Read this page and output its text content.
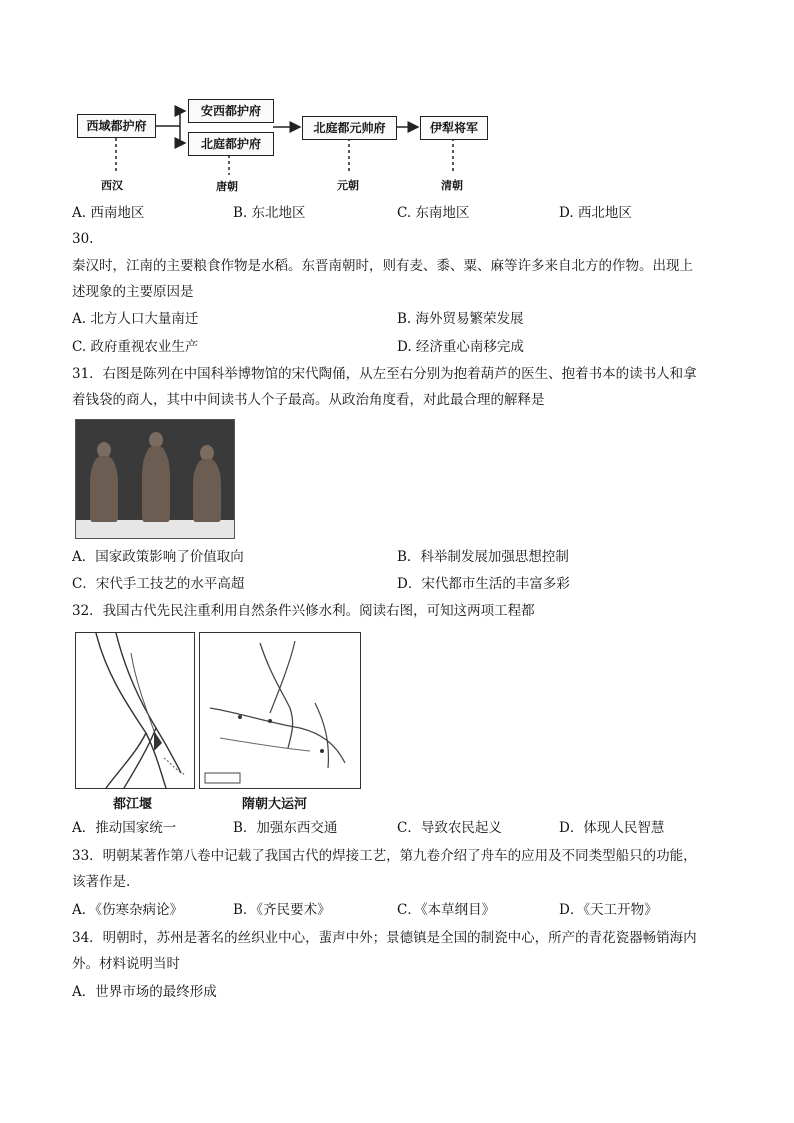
西域都护府
安西都护府
北庭都护府
北庭都元帅府	伊犁将军
西汉	唐朝	元朝	清朝
A. 西南地区	B. 东北地区	C. 东南地区	D. 西北地区
30.
秦汉时，江南的主要粮食作物是水稻。东晋南朝时，则有麦、黍、粟、麻等许多来自北方的作物。出现上
述现象的主要原因是
A. 北方人口大量南迁	B. 海外贸易繁荣发展
C. 政府重视农业生产	D. 经济重心南移完成
31．右图是陈列在中国科举博物馆的宋代陶俑，从左至右分别为抱着葫芦的医生、抱着书本的读书人和拿
着钱袋的商人，其中中间读书人个子最高。从政治角度看，对此最合理的解释是
A．国家政策影响了价值取向	B．科举制发展加强思想控制
C．宋代手工技艺的水平高超	D．宋代都市生活的丰富多彩
32．我国古代先民注重利用自然条件兴修水利。阅读右图，可知这两项工程都
都江堰	隋朝大运河
A．推动国家统一	B．加强东西交通	C．导致农民起义	D．体现人民智慧
33．明朝某著作第八卷中记载了我国古代的焊接工艺，第九卷介绍了舟车的应用及不同类型船只的功能，
该著作是.
A．《伤寒杂病论》	B．《齐民要术》	C．《本草纲目》	D．《天工开物》
34．明朝时，苏州是著名的丝织业中心，蜚声中外；景德镇是全国的制瓷中心，所产的青花瓷器畅销海内
外。材料说明当时
A．世界市场的最终形成
